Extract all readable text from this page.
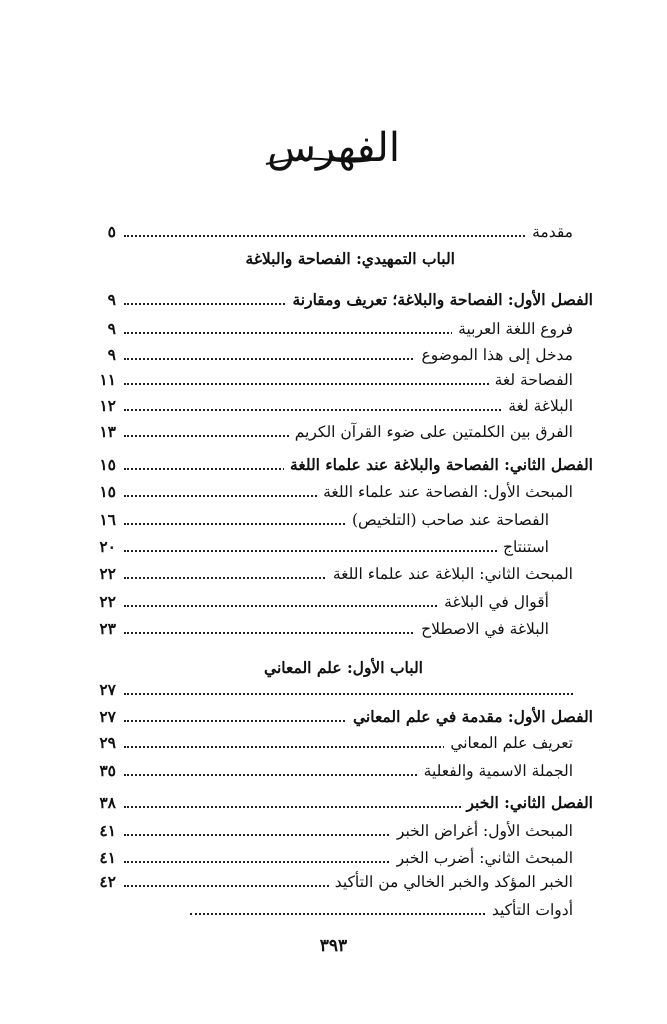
الفهرس
مقدمة
٥
الباب التمهيدي: الفصاحة والبلاغة
الفصل الأول: الفصاحة والبلاغة؛ تعريف ومقارنة
٩
فروع اللغة العربية
٩
مدخل إلى هذا الموضوع
٩
الفصاحة لغة
١١
البلاغة لغة
١٢
الفرق بين الكلمتين على ضوء القرآن الكريم
١٣
الفصل الثاني: الفصاحة والبلاغة عند علماء اللغة
١٥
المبحث الأول: الفصاحة عند علماء اللغة
١٥
الفصاحة عند صاحب (التلخيص)
١٦
استنتاج
٢٠
المبحث الثاني: البلاغة عند علماء اللغة
٢٢
أقوال في البلاغة
٢٢
البلاغة في الاصطلاح
٢٣
الباب الأول: علم المعاني
٢٧
الفصل الأول: مقدمة في علم المعاني
٢٧
تعريف علم المعاني
٢٩
الجملة الاسمية والفعلية
٣٥
الفصل الثاني: الخبر
٣٨
المبحث الأول: أغراض الخبر
٤١
المبحث الثاني: أضرب الخبر
٤١
الخبر المؤكد والخبر الخالي من التأكيد
٤٢
أدوات التأكيد
٣٩٣
